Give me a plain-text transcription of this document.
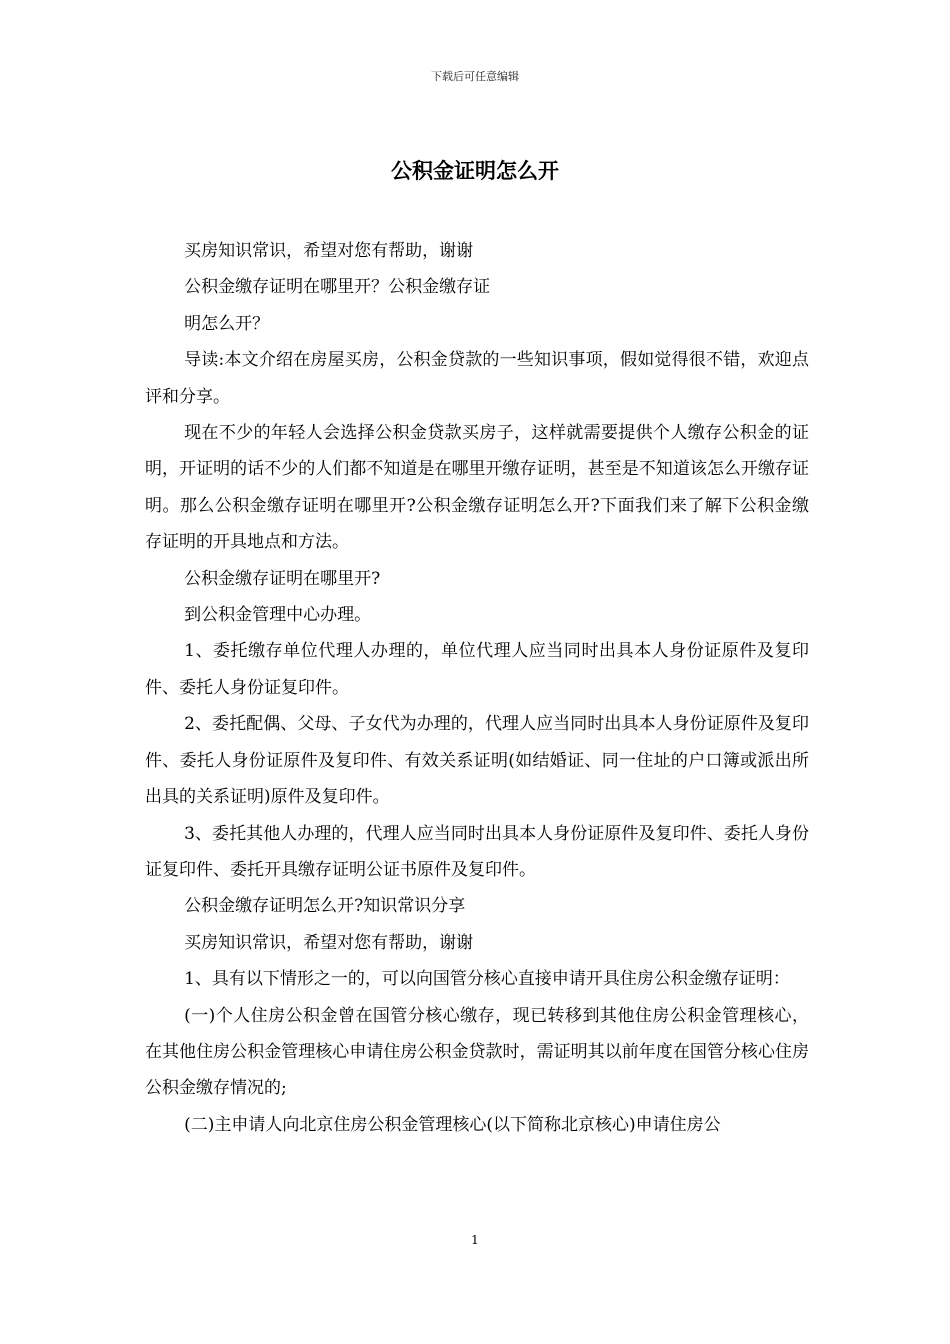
下载后可任意编辑
公积金证明怎么开

买房知识常识，希望对您有帮助，谢谢

公积金缴存证明在哪里开？公积金缴存证

明怎么开？

导读:本文介绍在房屋买房，公积金贷款的一些知识事项，假如觉得很不错，欢迎点评和分享。

现在不少的年轻人会选择公积金贷款买房子，这样就需要提供个人缴存公积金的证明，开证明的话不少的人们都不知道是在哪里开缴存证明，甚至是不知道该怎么开缴存证明。那么公积金缴存证明在哪里开?公积金缴存证明怎么开?下面我们来了解下公积金缴存证明的开具地点和方法。

公积金缴存证明在哪里开?

到公积金管理中心办理。

1、委托缴存单位代理人办理的，单位代理人应当同时出具本人身份证原件及复印件、委托人身份证复印件。

2、委托配偶、父母、子女代为办理的，代理人应当同时出具本人身份证原件及复印件、委托人身份证原件及复印件、有效关系证明(如结婚证、同一住址的户口簿或派出所出具的关系证明)原件及复印件。

3、委托其他人办理的，代理人应当同时出具本人身份证原件及复印件、委托人身份证复印件、委托开具缴存证明公证书原件及复印件。

公积金缴存证明怎么开?知识常识分享

买房知识常识，希望对您有帮助，谢谢

1、具有以下情形之一的，可以向国管分核心直接申请开具住房公积金缴存证明：

(一)个人住房公积金曾在国管分核心缴存，现已转移到其他住房公积金管理核心，在其他住房公积金管理核心申请住房公积金贷款时，需证明其以前年度在国管分核心住房公积金缴存情况的;

(二)主申请人向北京住房公积金管理核心(以下简称北京核心)申请住房公

1
